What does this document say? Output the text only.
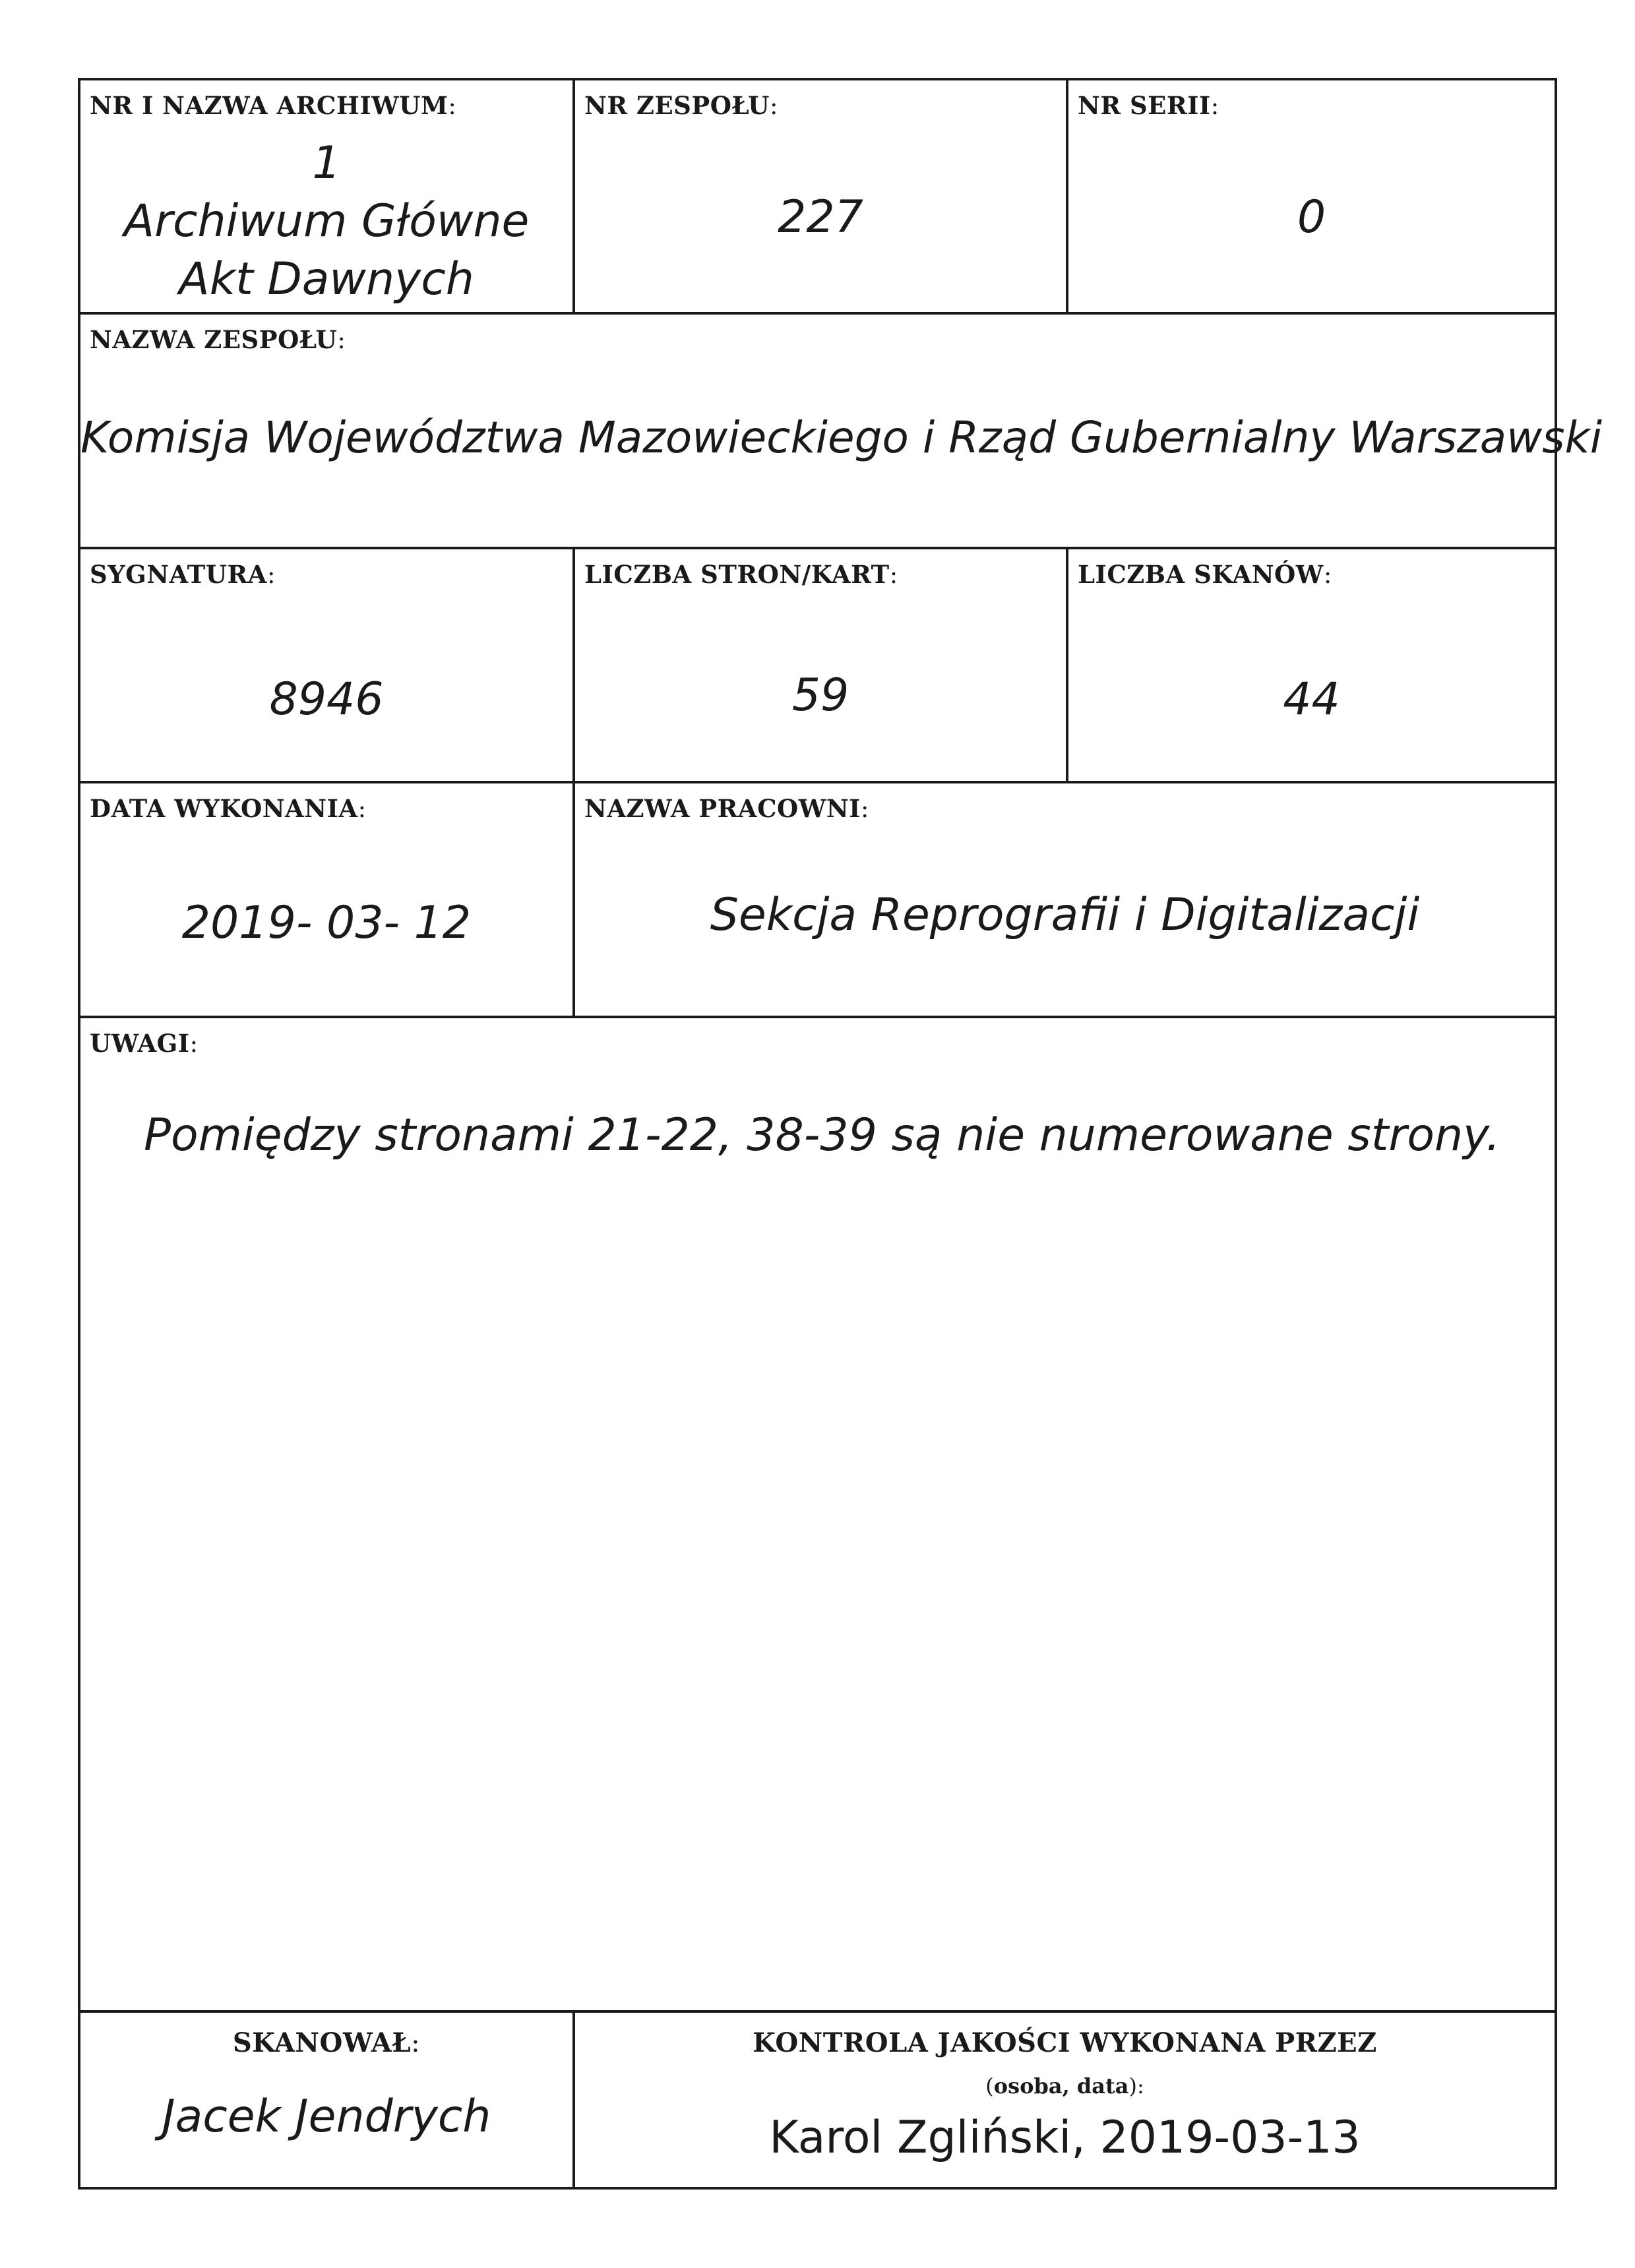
NR I NAZWA ARCHIWUM:
1
Archiwum Główne
Akt Dawnych
NR ZESPOŁU:
227
NR SERII:
0
NAZWA ZESPOŁU:
Komisja Województwa Mazowieckiego i Rząd Gubernialny Warszawski
SYGNATURA:
8946
LICZBA STRON/KART:
59
LICZBA SKANÓW:
44
DATA WYKONANIA:
2019- 03- 12
NAZWA PRACOWNI:
Sekcja Reprografii i Digitalizacji
UWAGI:
Pomiędzy stronami 21-22, 38-39 są nie numerowane strony.
SKANOWAŁ:
Jacek Jendrych
KONTROLA JAKOŚCI WYKONANA PRZEZ
(osoba, data):
Karol Zgliński, 2019-03-13
